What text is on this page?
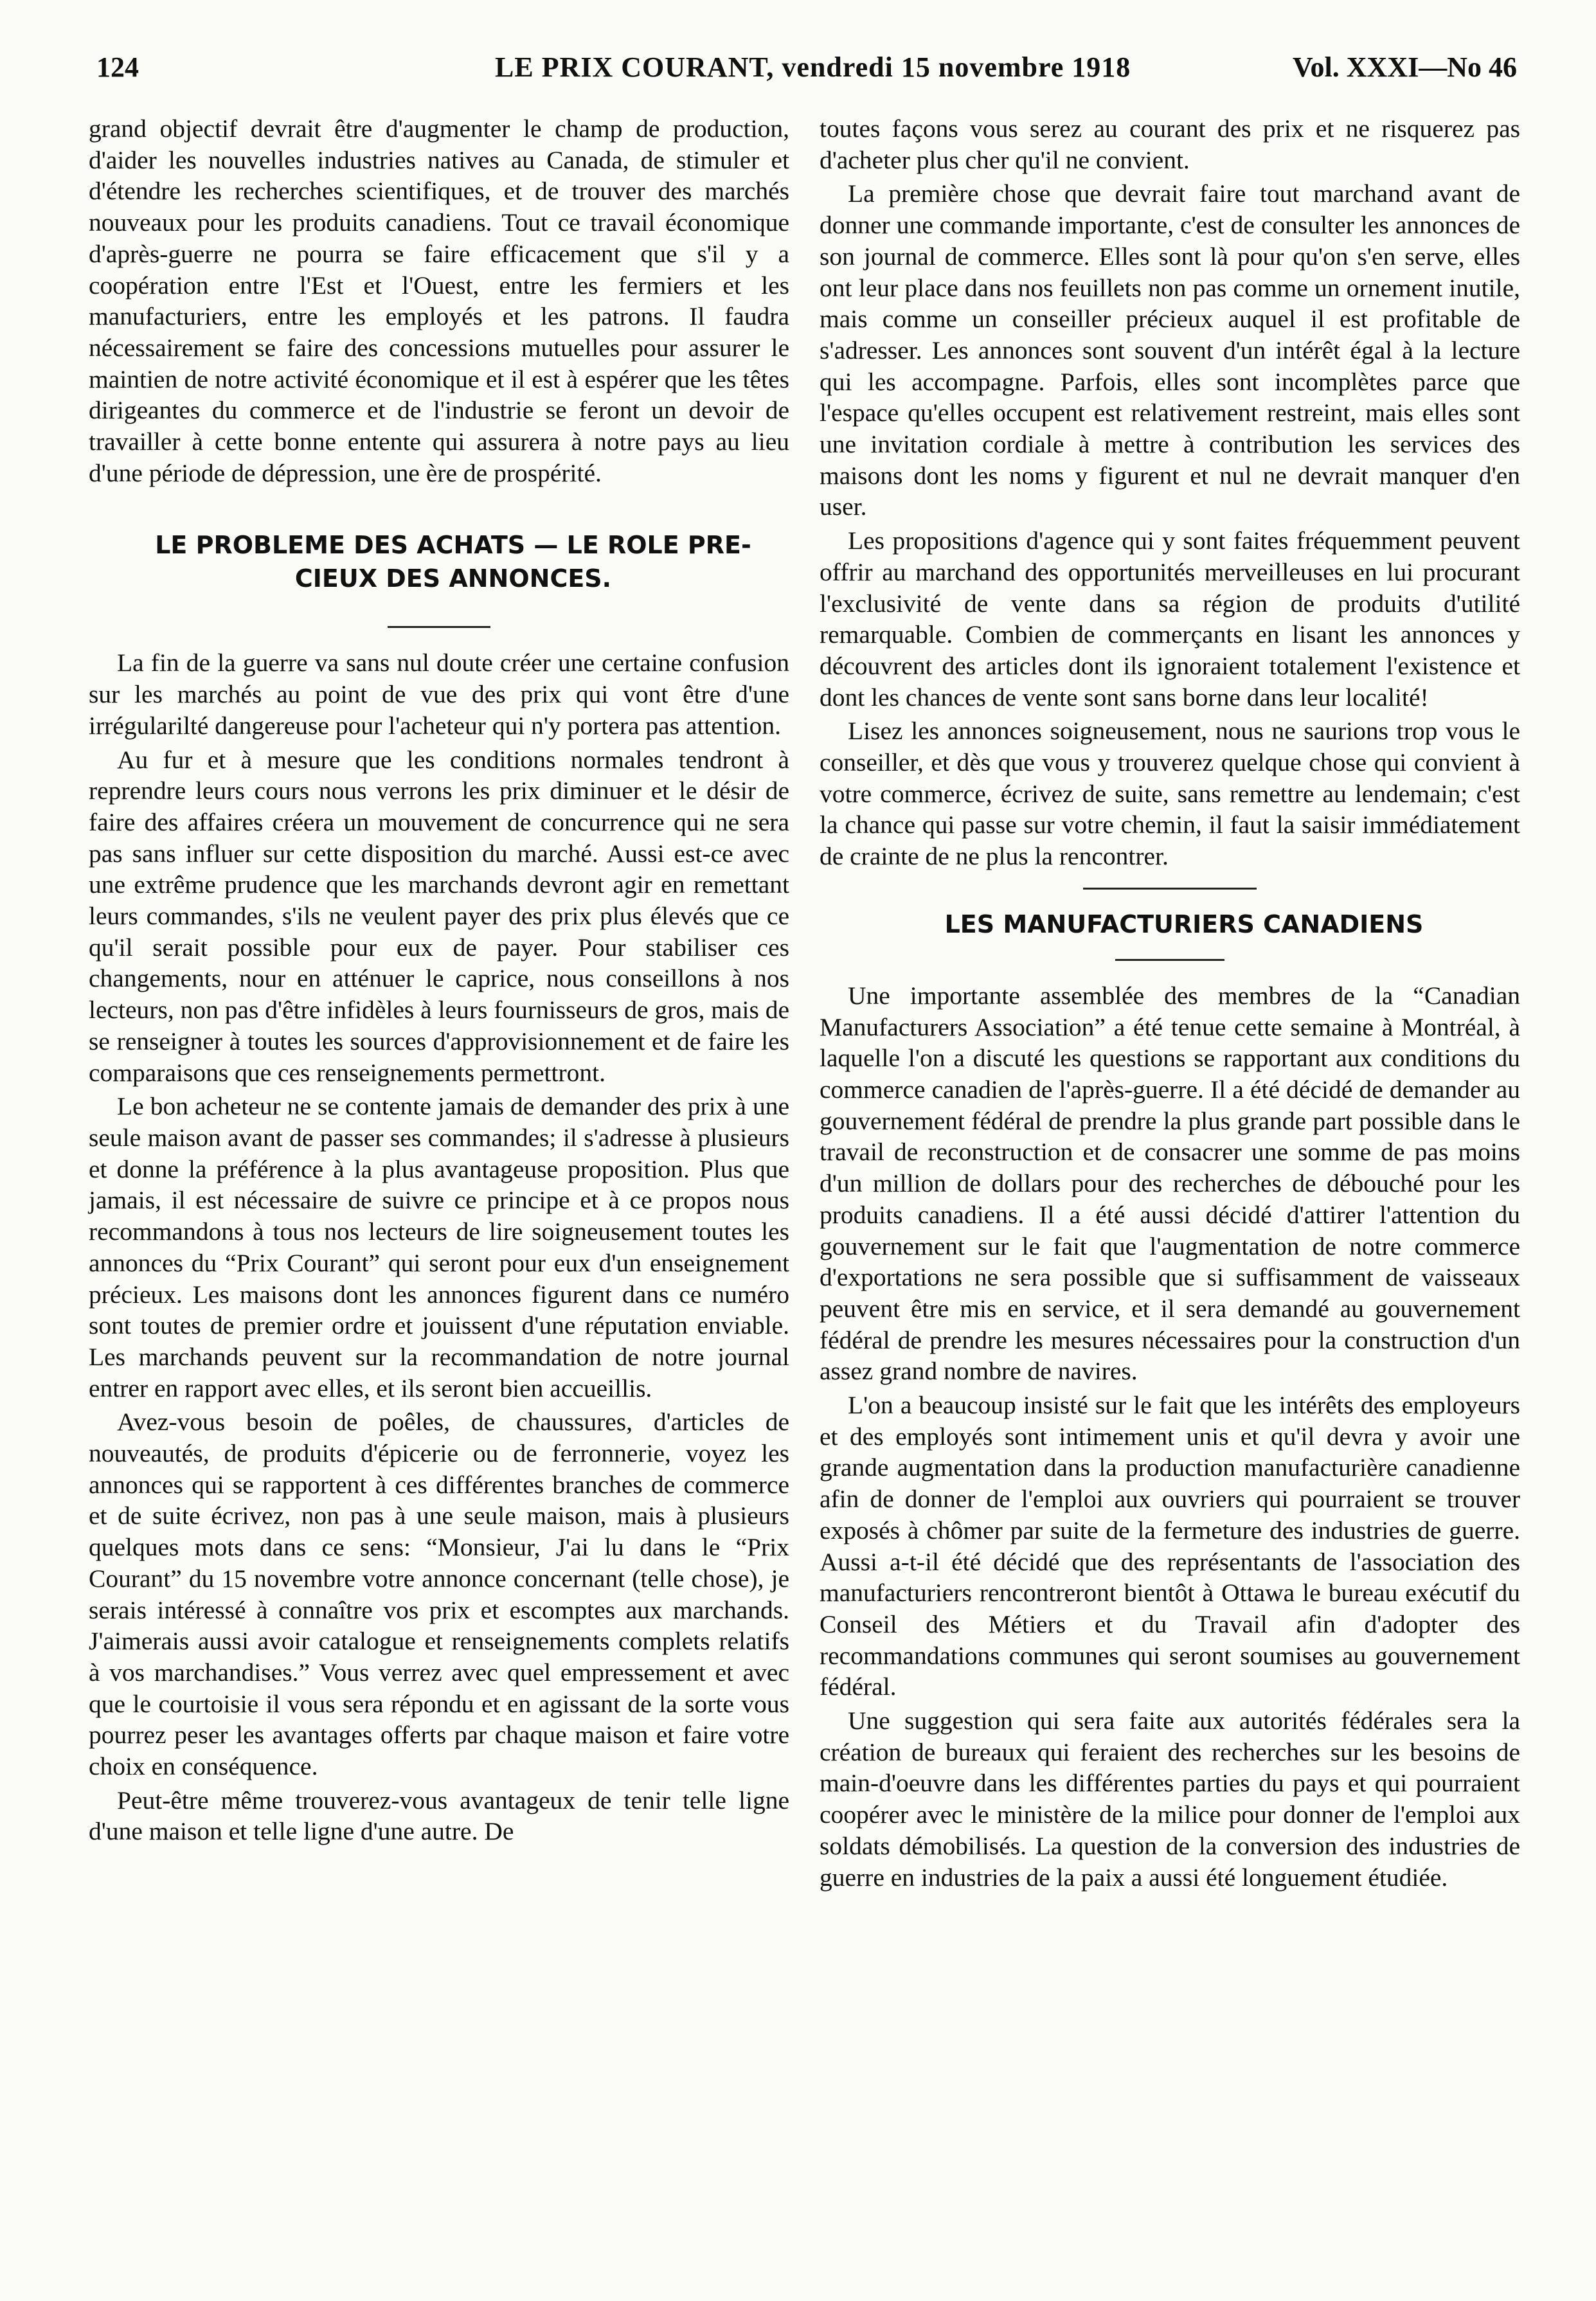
124	LE PRIX COURANT, vendredi 15 novembre 1918	Vol. XXXI—No 46

grand objectif devrait être d'augmenter le champ de production, d'aider les nouvelles industries natives au Canada, de stimuler et d'étendre les recherches scientifiques, et de trouver des marchés nouveaux pour les produits canadiens. Tout ce travail économique d'après-guerre ne pourra se faire efficacement que s'il y a coopération entre l'Est et l'Ouest, entre les fermiers et les manufacturiers, entre les employés et les patrons. Il faudra nécessairement se faire des concessions mutuelles pour assurer le maintien de notre activité économique et il est à espérer que les têtes dirigeantes du commerce et de l'industrie se feront un devoir de travailler à cette bonne entente qui assurera à notre pays au lieu d'une période de dépression, une ère de prospérité.

LE PROBLEME DES ACHATS — LE ROLE PRE-

CIEUX DES ANNONCES.

La fin de la guerre va sans nul doute créer une certaine confusion sur les marchés au point de vue des prix qui vont être d'une irrégularilté dangereuse pour l'acheteur qui n'y portera pas attention.

Au fur et à mesure que les conditions normales tendront à reprendre leurs cours nous verrons les prix diminuer et le désir de faire des affaires créera un mouvement de concurrence qui ne sera pas sans influer sur cette disposition du marché. Aussi est-ce avec une extrême prudence que les marchands devront agir en remettant leurs commandes, s'ils ne veulent payer des prix plus élevés que ce qu'il serait possible pour eux de payer. Pour stabiliser ces changements, nour en atténuer le caprice, nous conseillons à nos lecteurs, non pas d'être infidèles à leurs fournisseurs de gros, mais de se renseigner à toutes les sources d'approvisionnement et de faire les comparaisons que ces renseignements permettront.

Le bon acheteur ne se contente jamais de demander des prix à une seule maison avant de passer ses commandes; il s'adresse à plusieurs et donne la préférence à la plus avantageuse proposition. Plus que jamais, il est nécessaire de suivre ce principe et à ce propos nous recommandons à tous nos lecteurs de lire soigneusement toutes les annonces du “Prix Courant” qui seront pour eux d'un enseignement précieux. Les maisons dont les annonces figurent dans ce numéro sont toutes de premier ordre et jouissent d'une réputation enviable. Les marchands peuvent sur la recommandation de notre journal entrer en rapport avec elles, et ils seront bien accueillis.

Avez-vous besoin de poêles, de chaussures, d'articles de nouveautés, de produits d'épicerie ou de ferronnerie, voyez les annonces qui se rapportent à ces différentes branches de commerce et de suite écrivez, non pas à une seule maison, mais à plusieurs quelques mots dans ce sens: “Monsieur, J'ai lu dans le “Prix Courant” du 15 novembre votre annonce concernant (telle chose), je serais intéressé à connaître vos prix et escomptes aux marchands. J'aimerais aussi avoir catalogue et renseignements complets relatifs à vos marchandises.” Vous verrez avec quel empressement et avec que le courtoisie il vous sera répondu et en agissant de la sorte vous pourrez peser les avantages offerts par chaque maison et faire votre choix en conséquence.

Peut-être même trouverez-vous avantageux de tenir telle ligne d'une maison et telle ligne d'une autre. De

toutes façons vous serez au courant des prix et ne risquerez pas d'acheter plus cher qu'il ne convient.

La première chose que devrait faire tout marchand avant de donner une commande importante, c'est de consulter les annonces de son journal de commerce. Elles sont là pour qu'on s'en serve, elles ont leur place dans nos feuillets non pas comme un ornement inutile, mais comme un conseiller précieux auquel il est profitable de s'adresser. Les annonces sont souvent d'un intérêt égal à la lecture qui les accompagne. Parfois, elles sont incomplètes parce que l'espace qu'elles occupent est relativement restreint, mais elles sont une invitation cordiale à mettre à contribution les services des maisons dont les noms y figurent et nul ne devrait manquer d'en user.

Les propositions d'agence qui y sont faites fréquemment peuvent offrir au marchand des opportunités merveilleuses en lui procurant l'exclusivité de vente dans sa région de produits d'utilité remarquable. Combien de commerçants en lisant les annonces y découvrent des articles dont ils ignoraient totalement l'existence et dont les chances de vente sont sans borne dans leur localité!

Lisez les annonces soigneusement, nous ne saurions trop vous le conseiller, et dès que vous y trouverez quelque chose qui convient à votre commerce, écrivez de suite, sans remettre au lendemain; c'est la chance qui passe sur votre chemin, il faut la saisir immédiatement de crainte de ne plus la rencontrer.

LES MANUFACTURIERS CANADIENS

Une importante assemblée des membres de la “Canadian Manufacturers Association” a été tenue cette semaine à Montréal, à laquelle l'on a discuté les questions se rapportant aux conditions du commerce canadien de l'après-guerre. Il a été décidé de demander au gouvernement fédéral de prendre la plus grande part possible dans le travail de reconstruction et de consacrer une somme de pas moins d'un million de dollars pour des recherches de débouché pour les produits canadiens. Il a été aussi décidé d'attirer l'attention du gouvernement sur le fait que l'augmentation de notre commerce d'exportations ne sera possible que si suffisamment de vaisseaux peuvent être mis en service, et il sera demandé au gouvernement fédéral de prendre les mesures nécessaires pour la construction d'un assez grand nombre de navires.

L'on a beaucoup insisté sur le fait que les intérêts des employeurs et des employés sont intimement unis et qu'il devra y avoir une grande augmentation dans la production manufacturière canadienne afin de donner de l'emploi aux ouvriers qui pourraient se trouver exposés à chômer par suite de la fermeture des industries de guerre. Aussi a-t-il été décidé que des représentants de l'association des manufacturiers rencontreront bientôt à Ottawa le bureau exécutif du Conseil des Métiers et du Travail afin d'adopter des recommandations communes qui seront soumises au gouvernement fédéral.

Une suggestion qui sera faite aux autorités fédérales sera la création de bureaux qui feraient des recherches sur les besoins de main-d'oeuvre dans les différentes parties du pays et qui pourraient coopérer avec le ministère de la milice pour donner de l'emploi aux soldats démobilisés. La question de la conversion des industries de guerre en industries de la paix a aussi été longuement étudiée.
